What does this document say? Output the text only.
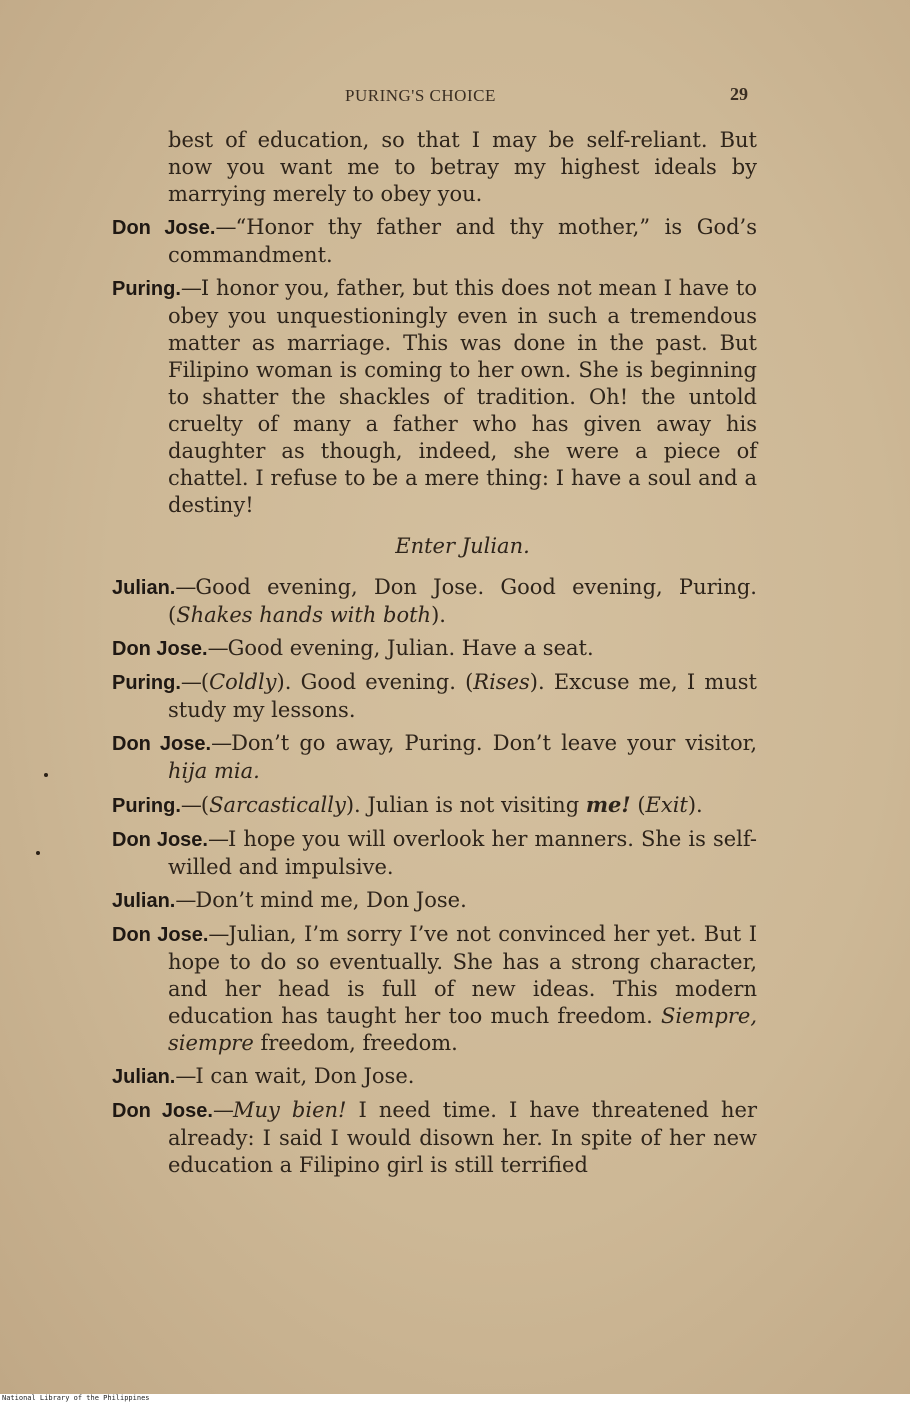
PURING'S CHOICE	29

best of education, so that I may be self-reliant. But now you want me to betray my highest ideals by marrying merely to obey you.

Don Jose.—“Honor thy father and thy mother,” is God’s commandment.

Puring.—I honor you, father, but this does not mean I have to obey you unquestioningly even in such a tremendous matter as marriage. This was done in the past. But Filipino woman is coming to her own. She is beginning to shatter the shackles of tradition. Oh! the untold cruelty of many a father who has given away his daughter as though, indeed, she were a piece of chattel. I refuse to be a mere thing: I have a soul and a destiny!

Enter Julian.

Julian.—Good evening, Don Jose. Good evening, Puring. (Shakes hands with both).

Don Jose.—Good evening, Julian. Have a seat.

Puring.—(Coldly). Good evening. (Rises). Excuse me, I must study my lessons.

Don Jose.—Don’t go away, Puring. Don’t leave your visitor, hija mia.

Puring.—(Sarcastically). Julian is not visiting me! (Exit).

Don Jose.—I hope you will overlook her manners. She is self-willed and impulsive.

Julian.—Don’t mind me, Don Jose.

Don Jose.—Julian, I’m sorry I’ve not convinced her yet. But I hope to do so eventually. She has a strong character, and her head is full of new ideas. This modern education has taught her too much freedom. Siempre, siempre freedom, freedom.

Julian.—I can wait, Don Jose.

Don Jose.—Muy bien! I need time. I have threatened her already: I said I would disown her. In spite of her new education a Filipino girl is still terrified

National Library of the Philippines
